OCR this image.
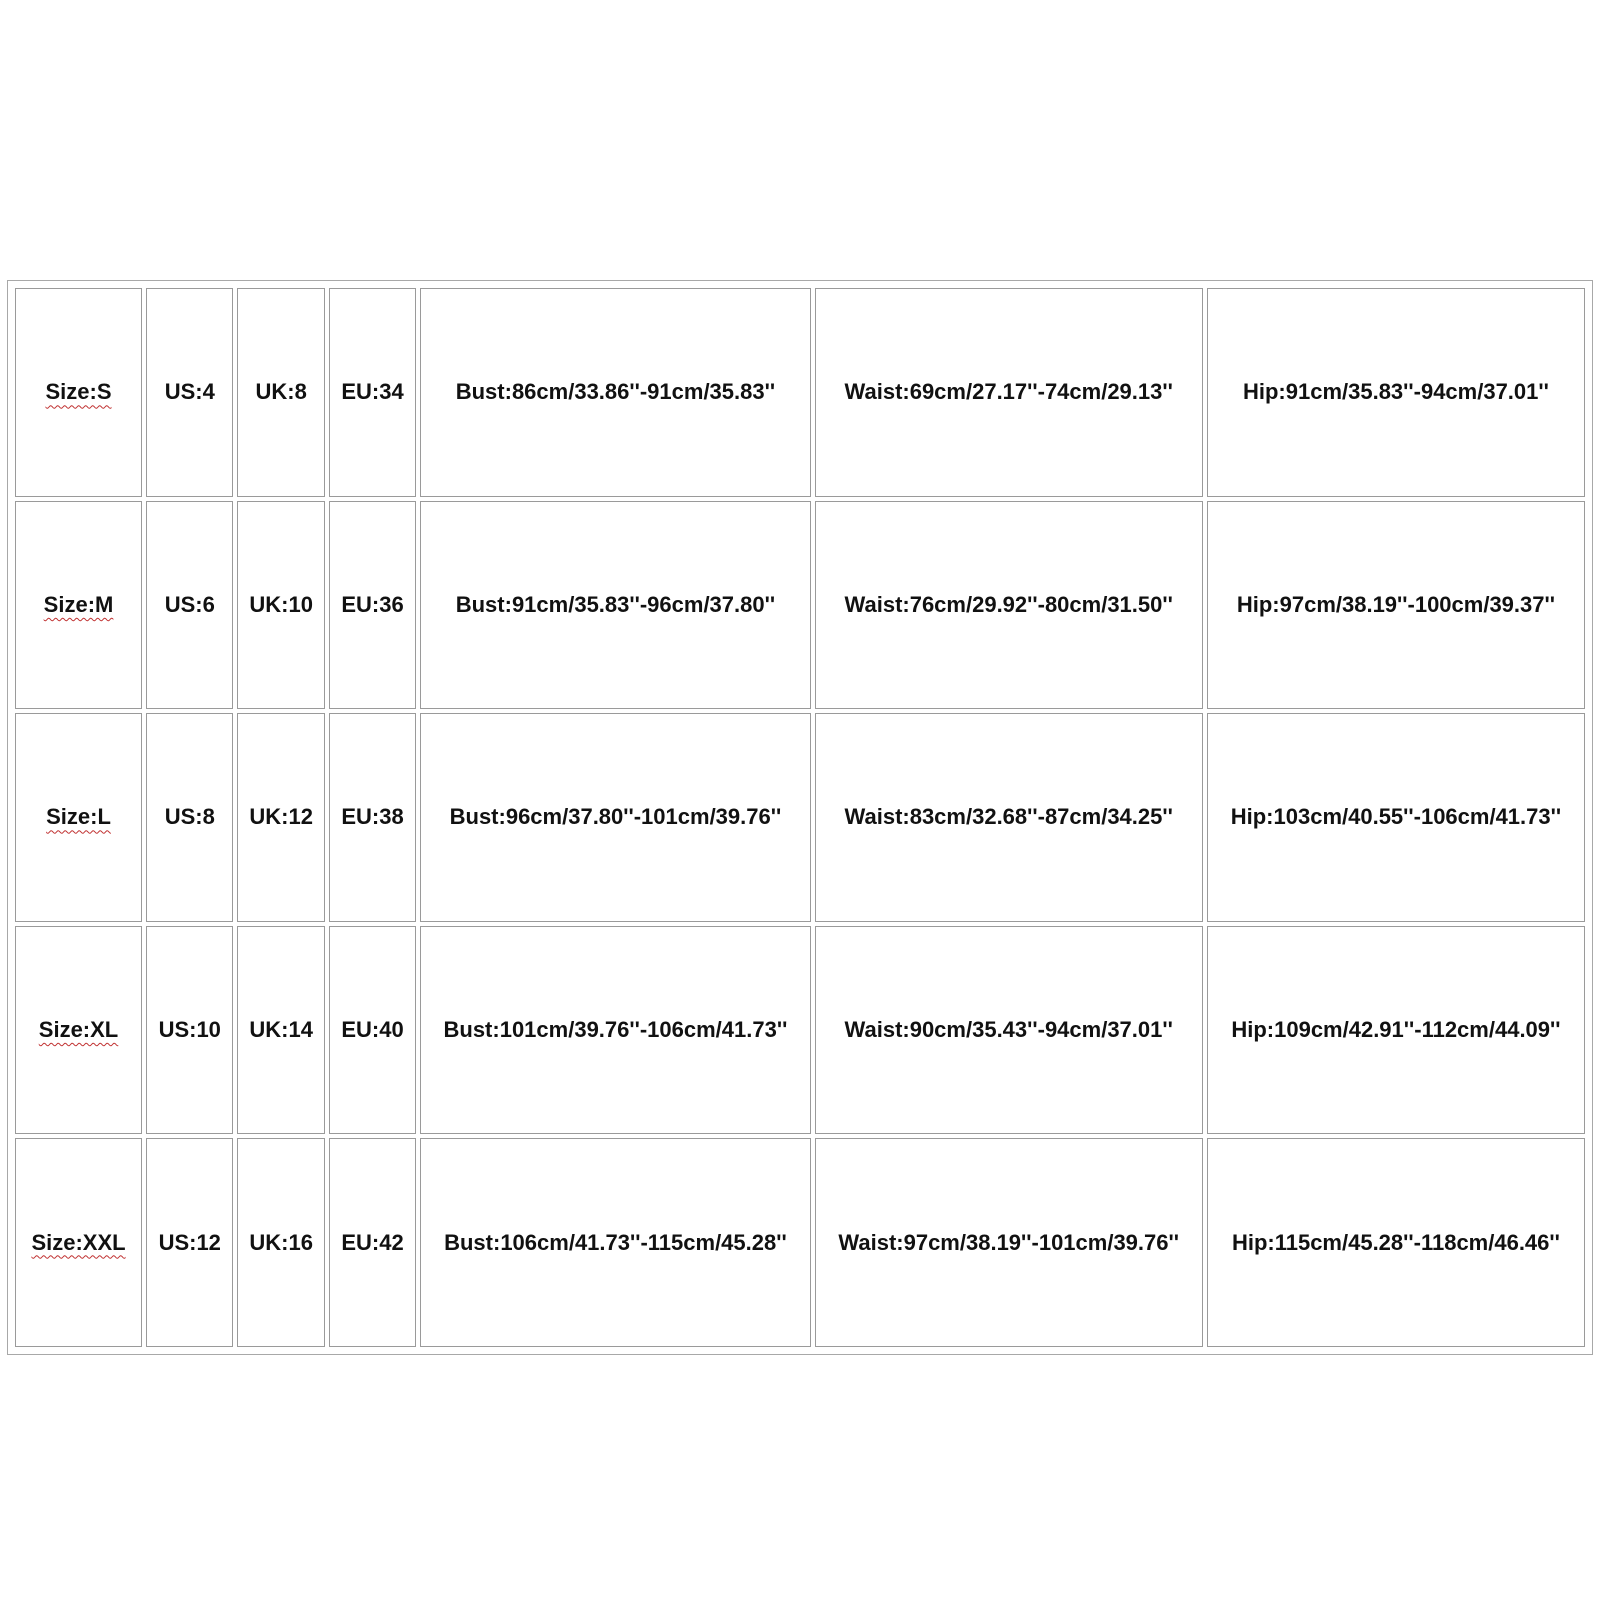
Size:S	US:4	UK:8	EU:34	Bust:86cm/33.86''-91cm/35.83''	Waist:69cm/27.17''-74cm/29.13''	Hip:91cm/35.83''-94cm/37.01''
Size:M	US:6	UK:10	EU:36	Bust:91cm/35.83''-96cm/37.80''	Waist:76cm/29.92''-80cm/31.50''	Hip:97cm/38.19''-100cm/39.37''
Size:L	US:8	UK:12	EU:38	Bust:96cm/37.80''-101cm/39.76''	Waist:83cm/32.68''-87cm/34.25''	Hip:103cm/40.55''-106cm/41.73''
Size:XL	US:10	UK:14	EU:40	Bust:101cm/39.76''-106cm/41.73''	Waist:90cm/35.43''-94cm/37.01''	Hip:109cm/42.91''-112cm/44.09''
Size:XXL	US:12	UK:16	EU:42	Bust:106cm/41.73''-115cm/45.28''	Waist:97cm/38.19''-101cm/39.76''	Hip:115cm/45.28''-118cm/46.46''
